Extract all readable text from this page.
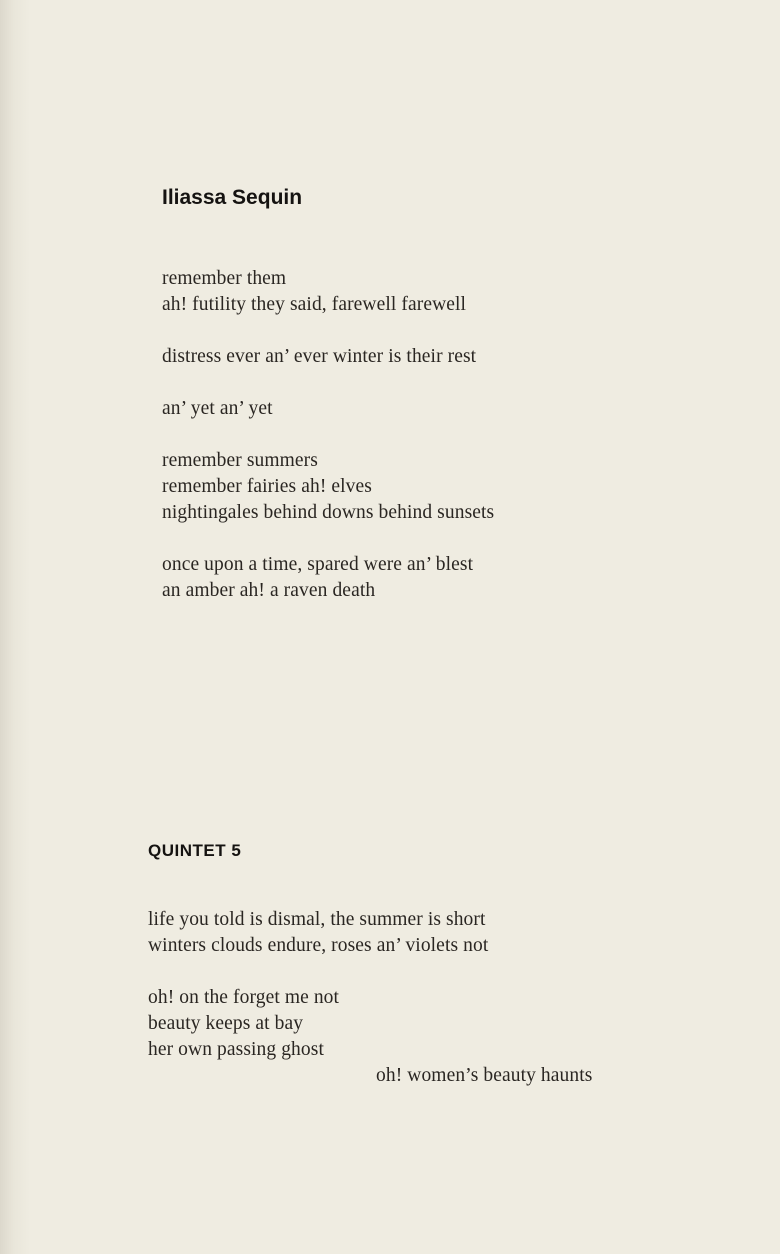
Iliassa Sequin

remember them
ah! futility they said, farewell farewell

distress ever an’ ever winter is their rest

an’ yet an’ yet

remember summers
remember fairies ah! elves
nightingales behind downs behind sunsets

once upon a time, spared were an’ blest
an amber ah! a raven death

QUINTET 5

life you told is dismal, the summer is short
winters clouds endure, roses an’ violets not

oh! on the forget me not
beauty keeps at bay
her own passing ghost
oh! women’s beauty haunts
